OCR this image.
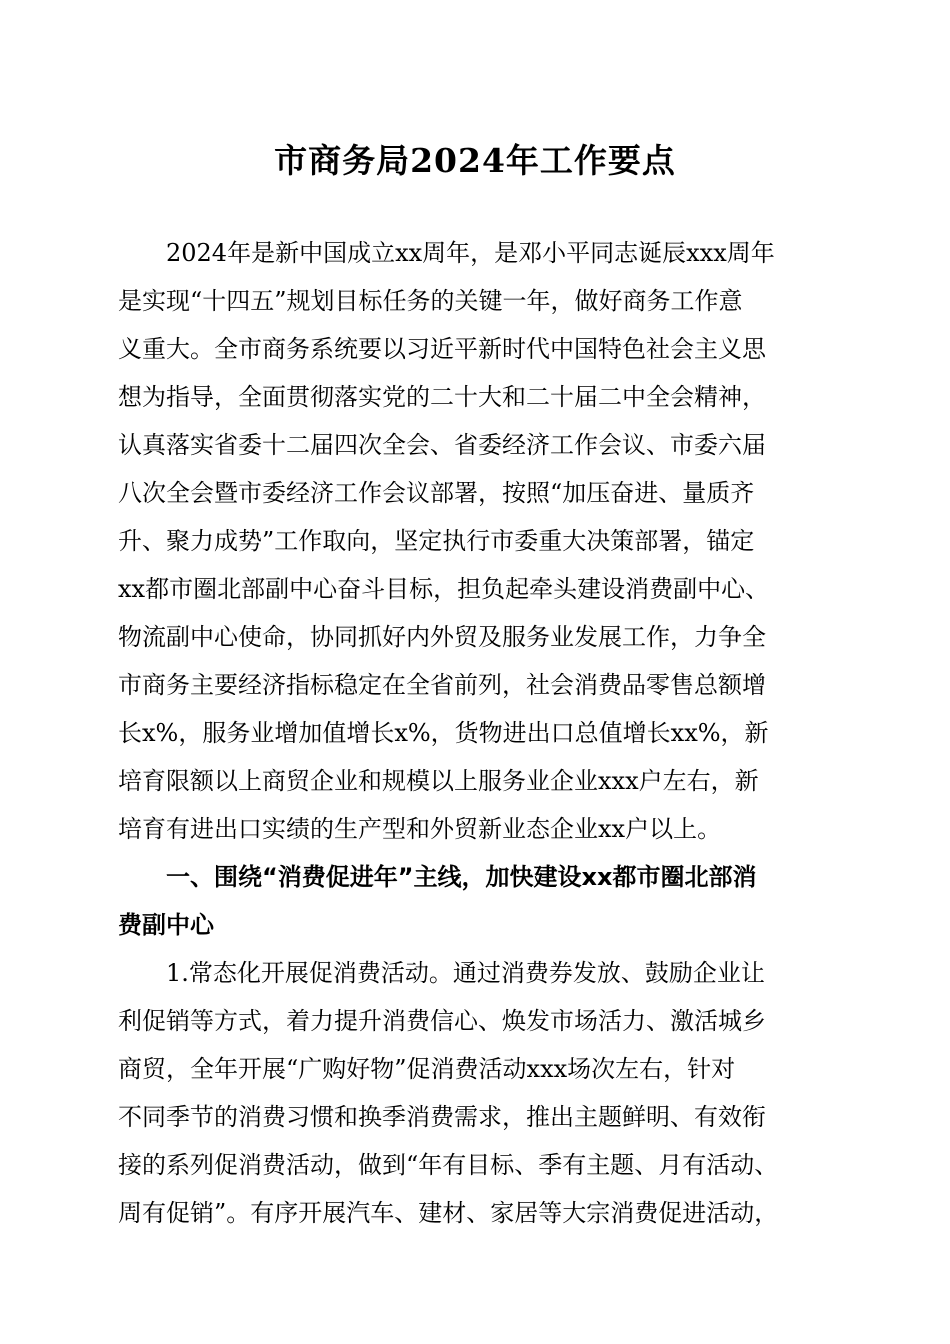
市商务局2024年工作要点
　　2024年是新中国成立xx周年，是邓小平同志诞辰xxx周年
是实现“十四五”规划目标任务的关键一年，做好商务工作意
义重大。全市商务系统要以习近平新时代中国特色社会主义思
想为指导，全面贯彻落实党的二十大和二十届二中全会精神，
认真落实省委十二届四次全会、省委经济工作会议、市委六届
八次全会暨市委经济工作会议部署，按照“加压奋进、量质齐
升、聚力成势”工作取向，坚定执行市委重大决策部署，锚定
xx都市圈北部副中心奋斗目标，担负起牵头建设消费副中心、
物流副中心使命，协同抓好内外贸及服务业发展工作，力争全
市商务主要经济指标稳定在全省前列，社会消费品零售总额增
长x%，服务业增加值增长x%，货物进出口总值增长xx%，新
培育限额以上商贸企业和规模以上服务业企业xxx户左右，新
培育有进出口实绩的生产型和外贸新业态企业xx户以上。
　　一、围绕“消费促进年”主线，加快建设xx都市圈北部消
费副中心
　　1.常态化开展促消费活动。通过消费券发放、鼓励企业让
利促销等方式，着力提升消费信心、焕发市场活力、激活城乡
商贸，全年开展“广购好物”促消费活动xxx场次左右，针对
不同季节的消费习惯和换季消费需求，推出主题鲜明、有效衔
接的系列促消费活动，做到“年有目标、季有主题、月有活动、
周有促销”。有序开展汽车、建材、家居等大宗消费促进活动，
